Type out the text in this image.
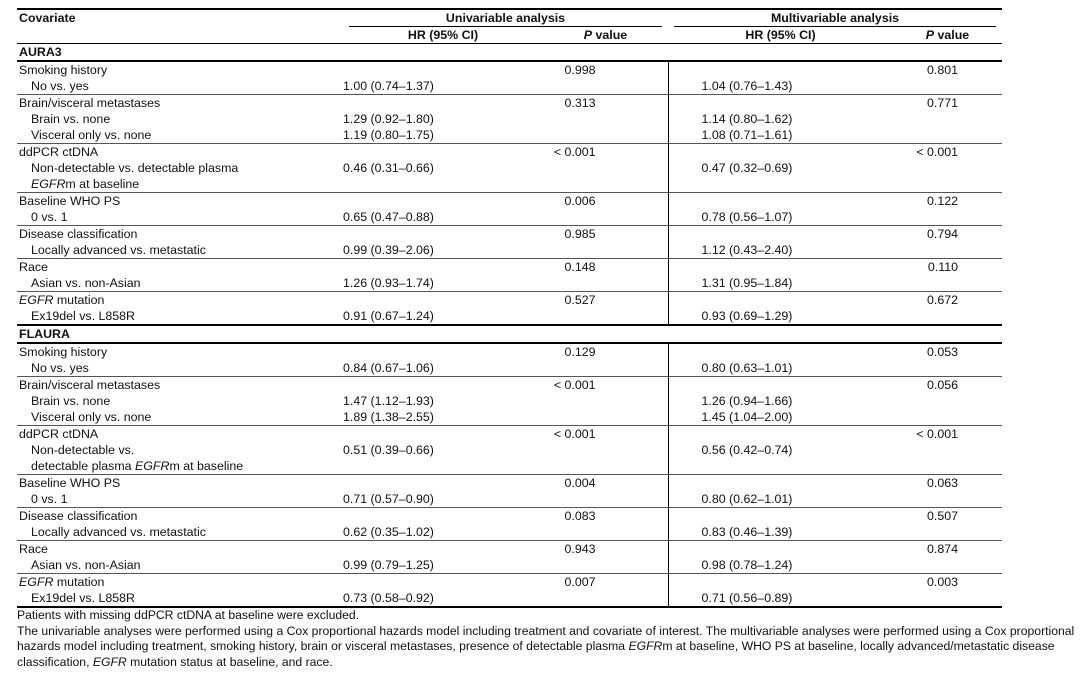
Covariate	Univariable analysis		Multivariable analysis	

	HR (95% CI)	P value	HR (95% CI)	P value
AURA3				
Smoking history		0.998		0.801
No vs. yes	1.00 (0.74–1.37)		1.04 (0.76–1.43)	
Brain/visceral metastases		0.313		0.771
Brain vs. none	1.29 (0.92–1.80)		1.14 (0.80–1.62)	
Visceral only vs. none	1.19 (0.80–1.75)		1.08 (0.71–1.61)	
ddPCR ctDNA		< 0.001		< 0.001
Non-detectable vs. detectable plasma	0.46 (0.31–0.66)		0.47 (0.32–0.69)	
EGFRm at baseline				
Baseline WHO PS		0.006		0.122
0 vs. 1	0.65 (0.47–0.88)		0.78 (0.56–1.07)	
Disease classification		0.985		0.794
Locally advanced vs. metastatic	0.99 (0.39–2.06)		1.12 (0.43–2.40)	
Race		0.148		0.110
Asian vs. non-Asian	1.26 (0.93–1.74)		1.31 (0.95–1.84)	
EGFR mutation		0.527		0.672
Ex19del vs. L858R	0.91 (0.67–1.24)		0.93 (0.69–1.29)	
FLAURA				
Smoking history		0.129		0.053
No vs. yes	0.84 (0.67–1.06)		0.80 (0.63–1.01)	
Brain/visceral metastases		< 0.001		0.056
Brain vs. none	1.47 (1.12–1.93)		1.26 (0.94–1.66)	
Visceral only vs. none	1.89 (1.38–2.55)		1.45 (1.04–2.00)	
ddPCR ctDNA		< 0.001		< 0.001
Non-detectable vs.	0.51 (0.39–0.66)		0.56 (0.42–0.74)	
detectable plasma EGFRm at baseline				
Baseline WHO PS		0.004		0.063
0 vs. 1	0.71 (0.57–0.90)		0.80 (0.62–1.01)	
Disease classification		0.083		0.507
Locally advanced vs. metastatic	0.62 (0.35–1.02)		0.83 (0.46–1.39)	
Race		0.943		0.874
Asian vs. non-Asian	0.99 (0.79–1.25)		0.98 (0.78–1.24)	
EGFR mutation		0.007		0.003
Ex19del vs. L858R	0.73 (0.58–0.92)		0.71 (0.56–0.89)	

Patients with missing ddPCR ctDNA at baseline were excluded.

The univariable analyses were performed using a Cox proportional hazards model including treatment and covariate of interest. The multivariable analyses were performed using a Cox proportional hazards model including treatment, smoking history, brain or visceral metastases, presence of detectable plasma EGFRm at baseline, WHO PS at baseline, locally advanced/metastatic disease classification, EGFR mutation status at baseline, and race.
